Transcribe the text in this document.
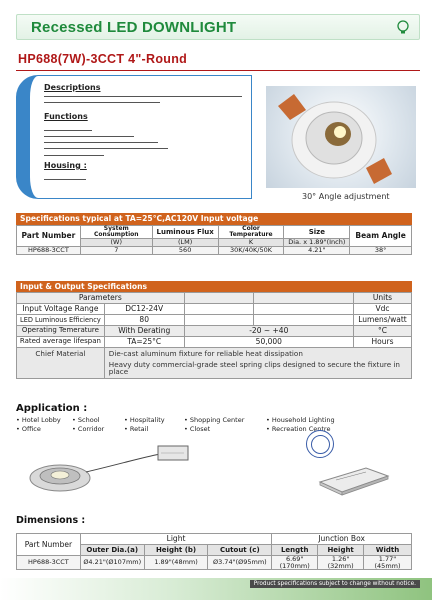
Recessed LED DOWNLIGHT
HP688(7W)-3CCT 4"-Round
Descriptions
Functions
Housing :
30° Angle adjustment
Specifications typical at TA=25°C,AC120V Input voltage
Part Number	System Consumption	Luminous Flux	Color Temperature	Size	Beam Angle
	(W)	(LM)	K	Dia. x 1.89"(Inch)	
HP688-3CCT	7	560	30K/40K/50K	4.21"	38°
Input & Output Specifications
Parameters				Units
Input Voltage Range	DC12-24V			Vdc
LED Luminous Efficiency	80			Lumens/watt
Operating Temerature	With Derating	-20 ~ +40		°C
Rated average lifespan	TA=25°C	50,000		Hours
Chief Material	Die-cast aluminum fixture for reliable heat dissipation
Heavy duty commercial-grade steel spring clips designed to secure the fixture in place			
Application :
• Hotel Lobby • School	• Hospitality	• Shopping Center	• Household Lighting
• Office	• Corridor	• Retail	• Closet	• Recreation Centre
Dimensions :
Part Number	Light			Junction Box		
	Outer Dia.(a)	Height (b)	Cutout (c)	Length	Height	Width
HP688-3CCT	Ø4.21"(Ø107mm)	1.89"(48mm)	Ø3.74"(Ø95mm)	6.69"(170mm)	1.26"(32mm)	1.77"(45mm)
Product specifications subject to change without notice.
